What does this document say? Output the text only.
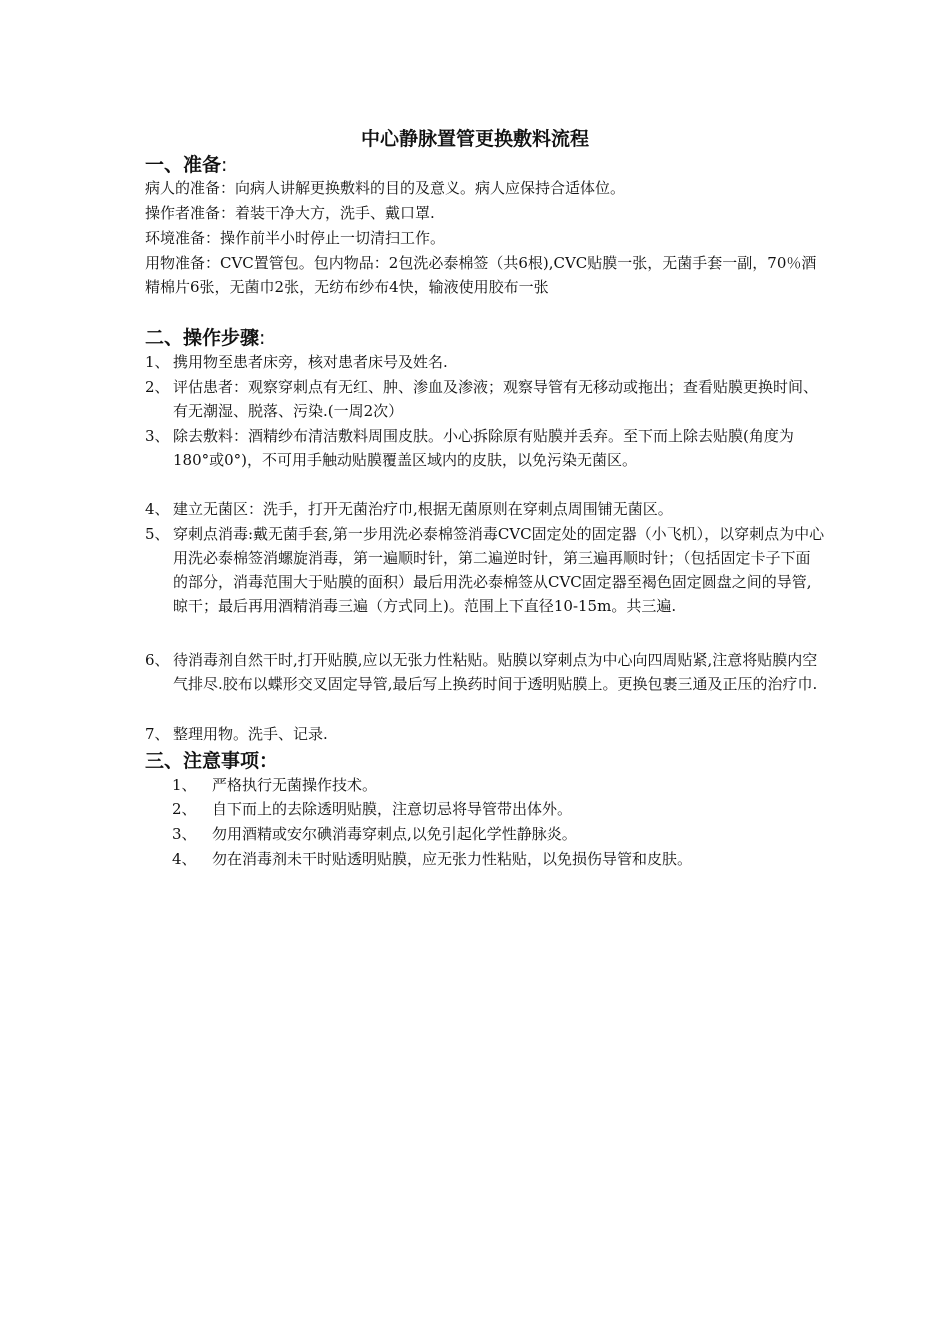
中心静脉置管更换敷料流程
一、准备:
病人的准备：向病人讲解更换敷料的目的及意义。病人应保持合适体位。
操作者准备：着装干净大方，洗手、戴口罩.
环境准备：操作前半小时停止一切清扫工作。
用物准备：CVC置管包。包内物品：2包洗必泰棉签（共6根),CVC贴膜一张，无菌手套一副，70％酒精棉片6张，无菌巾2张，无纺布纱布4快，输液使用胶布一张
二、操作步骤:
1、 携用物至患者床旁，核对患者床号及姓名.
2、 评估患者：观察穿刺点有无红、肿、渗血及渗液；观察导管有无移动或拖出；查看贴膜更换时间、有无潮湿、脱落、污染.(一周2次）
3、 除去敷料：酒精纱布清洁敷料周围皮肤。小心拆除原有贴膜并丢弃。至下而上除去贴膜(角度为180°或0°)，不可用手触动贴膜覆盖区域内的皮肤，以免污染无菌区。
4、 建立无菌区：洗手，打开无菌治疗巾,根据无菌原则在穿刺点周围铺无菌区。
5、 穿刺点消毒:戴无菌手套,第一步用洗必泰棉签消毒CVC固定处的固定器（小飞机），以穿刺点为中心用洗必泰棉签消螺旋消毒，第一遍顺时针，第二遍逆时针，第三遍再顺时针；（包括固定卡子下面的部分，消毒范围大于贴膜的面积）最后用洗必泰棉签从CVC固定器至褐色固定圆盘之间的导管,晾干；最后再用酒精消毒三遍（方式同上)。范围上下直径10-15m。共三遍.
6、 待消毒剂自然干时,打开贴膜,应以无张力性粘贴。贴膜以穿刺点为中心向四周贴紧,注意将贴膜内空气排尽.胶布以蝶形交叉固定导管,最后写上换药时间于透明贴膜上。更换包裹三通及正压的治疗巾.
7、 整理用物。洗手、记录.
三、注意事项：
1、 严格执行无菌操作技术。
2、 自下而上的去除透明贴膜，注意切忌将导管带出体外。
3、 勿用酒精或安尔碘消毒穿刺点,以免引起化学性静脉炎。
4、 勿在消毒剂未干时贴透明贴膜，应无张力性粘贴，以免损伤导管和皮肤。
